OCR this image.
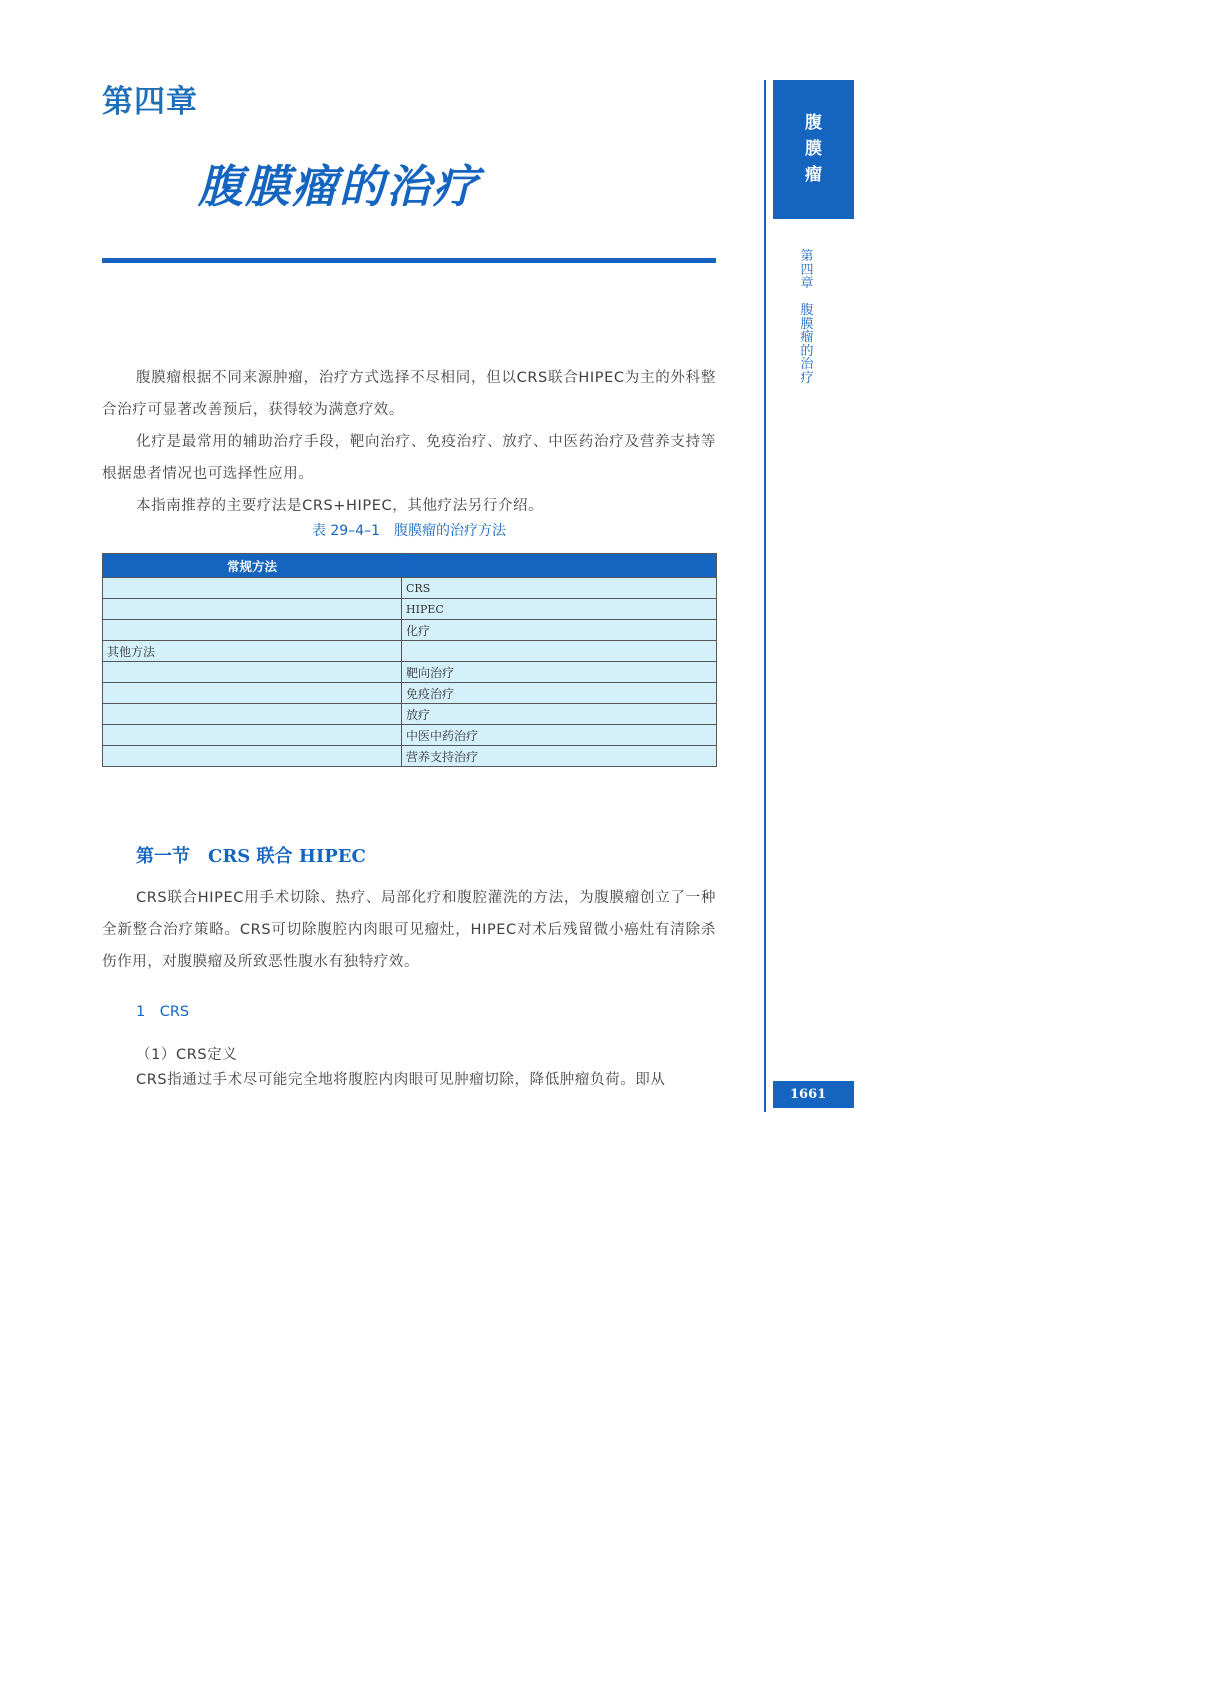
第四章
腹膜瘤的治疗
腹
膜
瘤
第
四
章

腹
膜
瘤
的
治
疗
1661

腹膜瘤根据不同来源肿瘤，治疗方式选择不尽相同，但以CRS联合HIPEC为主的外科整合治疗可显著改善预后，获得较为满意疗效。

化疗是最常用的辅助治疗手段，靶向治疗、免疫治疗、放疗、中医药治疗及营养支持等根据患者情况也可选择性应用。

本指南推荐的主要疗法是CRS+HIPEC，其他疗法另行介绍。

表 29–4–1　腹膜瘤的治疗方法
常规方法	
	CRS
	HIPEC
	化疗
其他方法	
	靶向治疗
	免疫治疗
	放疗
	中医中药治疗
	营养支持治疗
第一节　CRS 联合 HIPEC

CRS联合HIPEC用手术切除、热疗、局部化疗和腹腔灌洗的方法，为腹膜瘤创立了一种全新整合治疗策略。CRS可切除腹腔内肉眼可见瘤灶，HIPEC对术后残留微小癌灶有清除杀伤作用，对腹膜瘤及所致恶性腹水有独特疗效。

1　CRS
（1）CRS定义

CRS指通过手术尽可能完全地将腹腔内肉眼可见肿瘤切除，降低肿瘤负荷。即从
